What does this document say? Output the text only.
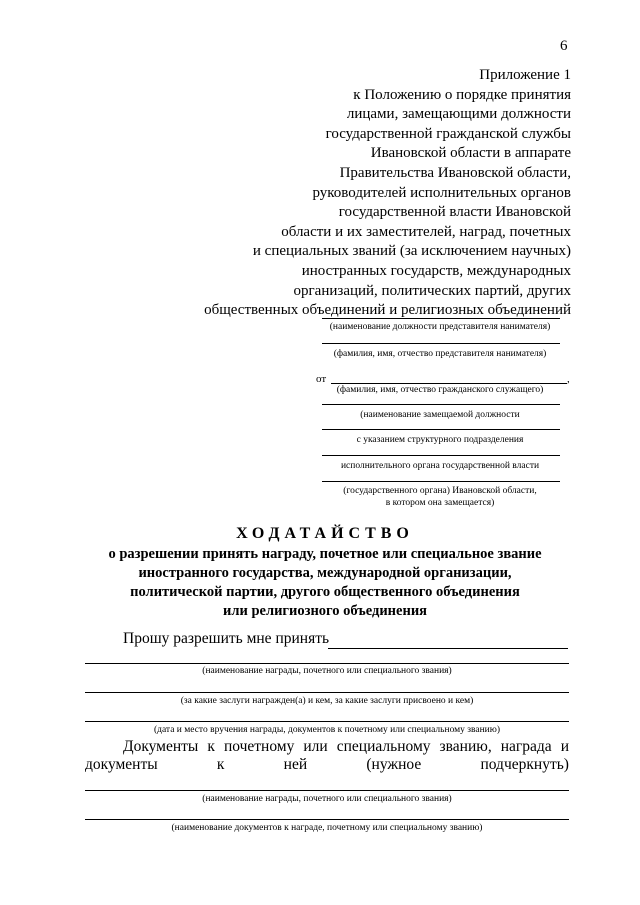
6
Приложение 1
к Положению о порядке принятия
лицами, замещающими должности
государственной гражданской службы
Ивановской области в аппарате
Правительства Ивановской области,
руководителей исполнительных органов
государственной власти Ивановской
области и их заместителей, наград, почетных
и специальных званий (за исключением научных)
иностранных государств, международных
организаций, политических партий, других
общественных объединений и религиозных объединений
(наименование должности представителя нанимателя)
(фамилия, имя, отчество представителя нанимателя)
от	,
(фамилия, имя, отчество гражданского служащего)
(наименование замещаемой должности
с указанием структурного подразделения
исполнительного органа государственной власти
(государственного органа) Ивановской области,
в котором она замещается)
ХОДАТАЙСТВО
о разрешении принять награду, почетное или специальное звание
иностранного государства, международной организации,
политической партии, другого общественного объединения
или религиозного объединения
Прошу разрешить мне принять
(наименование награды, почетного или специального звания)
(за какие заслуги награжден(а) и кем, за какие заслуги присвоено и кем)
(дата и место вручения награды, документов к почетному или специальному званию)
Документы к почетному или специальному званию, награда и
документы	к	ней	(нужное	подчеркнуть)
(наименование награды, почетного или специального звания)
(наименование документов к награде, почетному или специальному званию)
